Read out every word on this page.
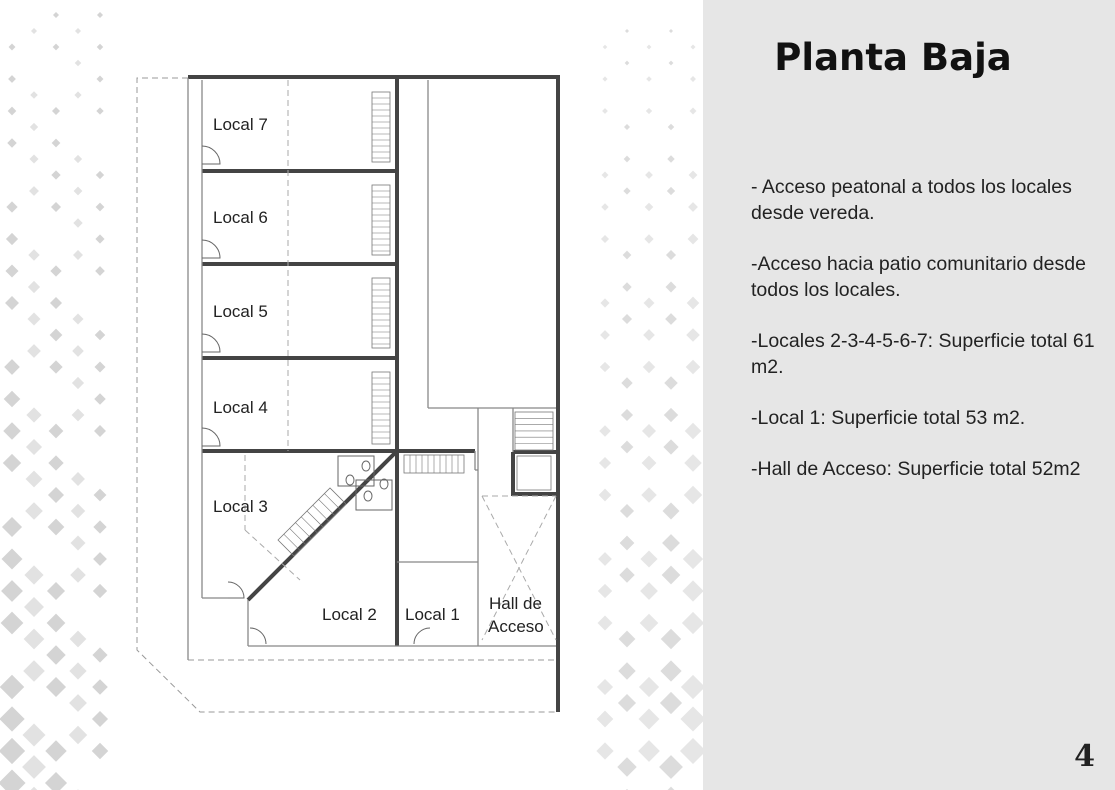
Local 7
Local 6
Local 5
Local 4
Local 3
Local 2 Local 1
Hall de
Acceso
Planta Baja

- Acceso peatonal a todos los locales desde vereda.

-Acceso hacia patio comunitario desde todos los locales.

-Locales 2-3-4-5-6-7: Superficie total 61 m2.

-Local 1: Superficie total 53 m2.

-Hall de Acceso: Superficie total 52m2

4
